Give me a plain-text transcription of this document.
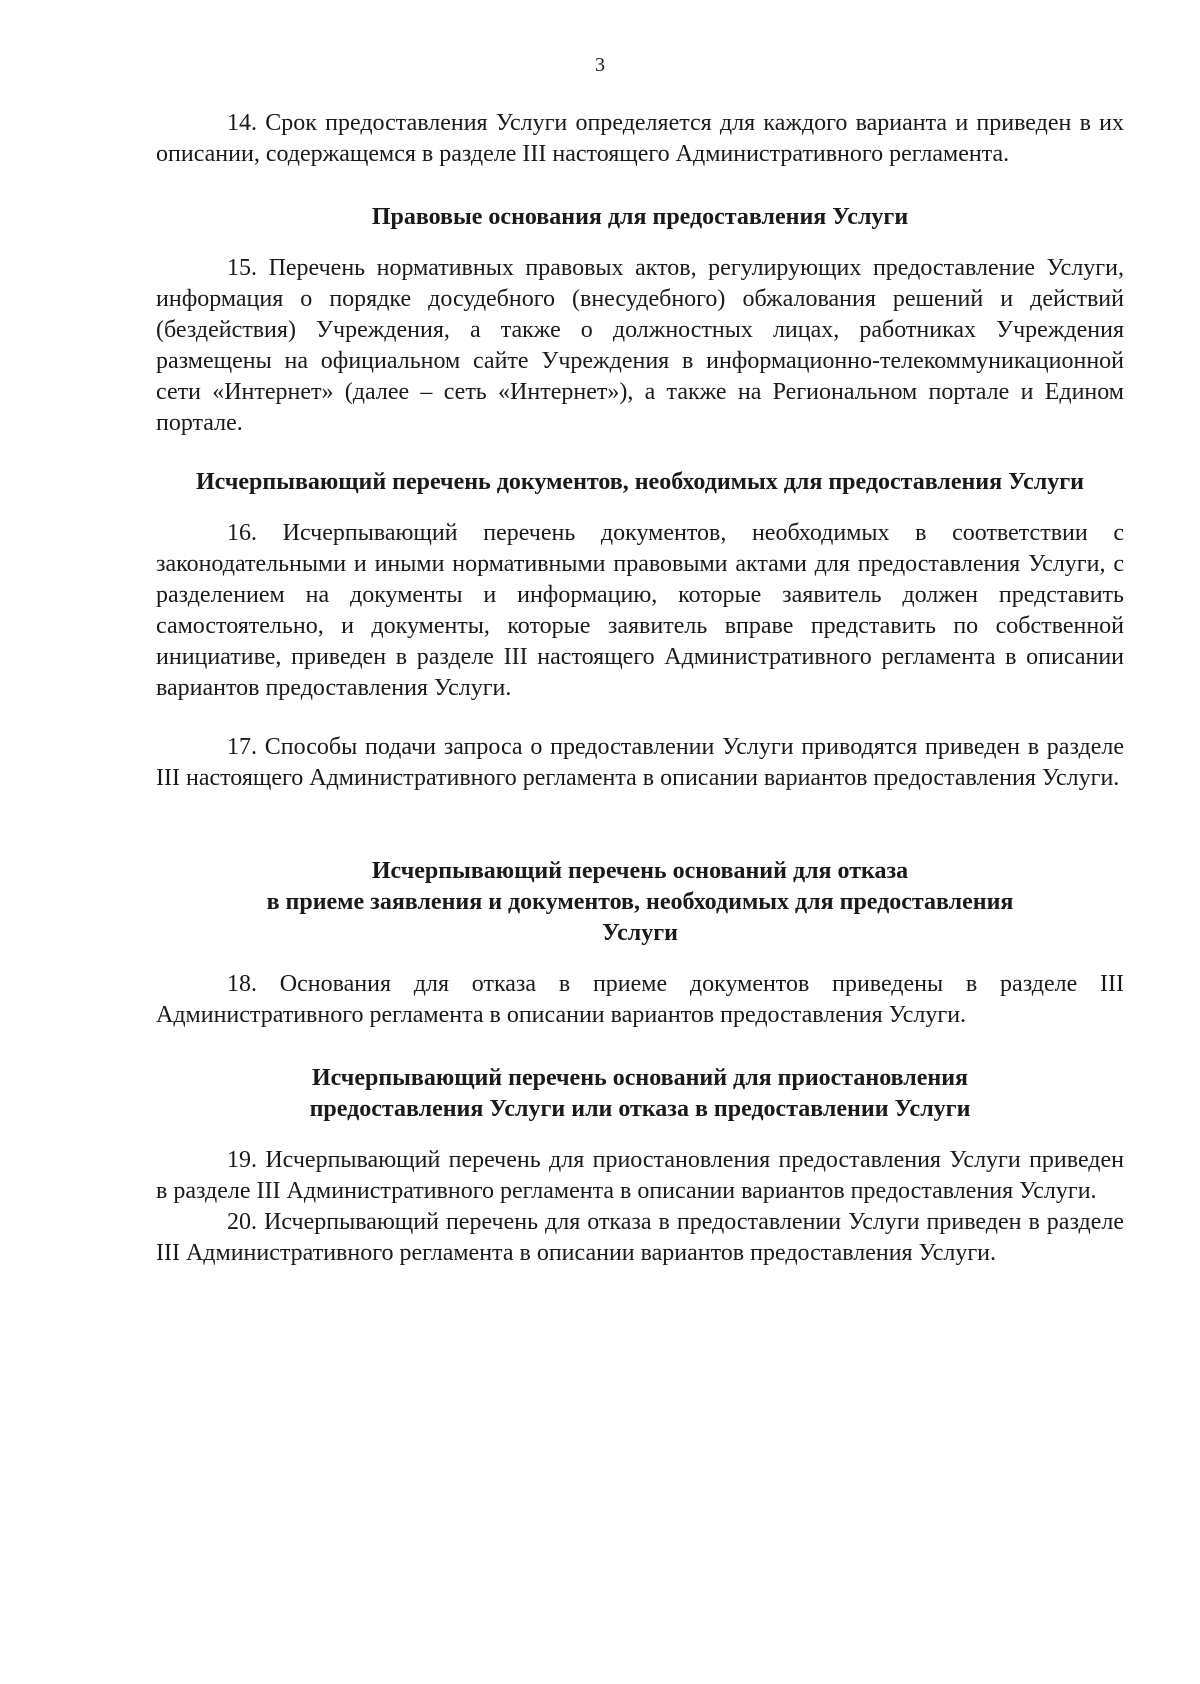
3

14. Срок предоставления Услуги определяется для каждого варианта и приведен в их описании, содержащемся в разделе III настоящего Административного регламента.

Правовые основания для предоставления Услуги

15. Перечень нормативных правовых актов, регулирующих предоставление Услуги, информация о порядке досудебного (внесудебного) обжалования решений и действий (бездействия) Учреждения, а также о должностных лицах, работниках Учреждения размещены на официальном сайте Учреждения в информационно-телекоммуникационной сети «Интернет» (далее – сеть «Интернет»), а также на Региональном портале и Едином портале.

Исчерпывающий перечень документов, необходимых для предоставления Услуги

16. Исчерпывающий перечень документов, необходимых в соответствии с законодательными и иными нормативными правовыми актами для предоставления Услуги, с разделением на документы и информацию, которые заявитель должен представить самостоятельно, и документы, которые заявитель вправе представить по собственной инициативе, приведен в разделе III настоящего Административного регламента в описании вариантов предоставления Услуги.

17. Способы подачи запроса о предоставлении Услуги приводятся приведен в разделе III настоящего Административного регламента в описании вариантов предоставления Услуги.

Исчерпывающий перечень оснований для отказа
в приеме заявления и документов, необходимых для предоставления
Услуги

18. Основания для отказа в приеме документов приведены в разделе III Административного регламента в описании вариантов предоставления Услуги.

Исчерпывающий перечень оснований для приостановления
предоставления Услуги или отказа в предоставлении Услуги

19. Исчерпывающий перечень для приостановления предоставления Услуги приведен в разделе III Административного регламента в описании вариантов предоставления Услуги.

20. Исчерпывающий перечень для отказа в предоставлении Услуги приведен в разделе III Административного регламента в описании вариантов предоставления Услуги.
